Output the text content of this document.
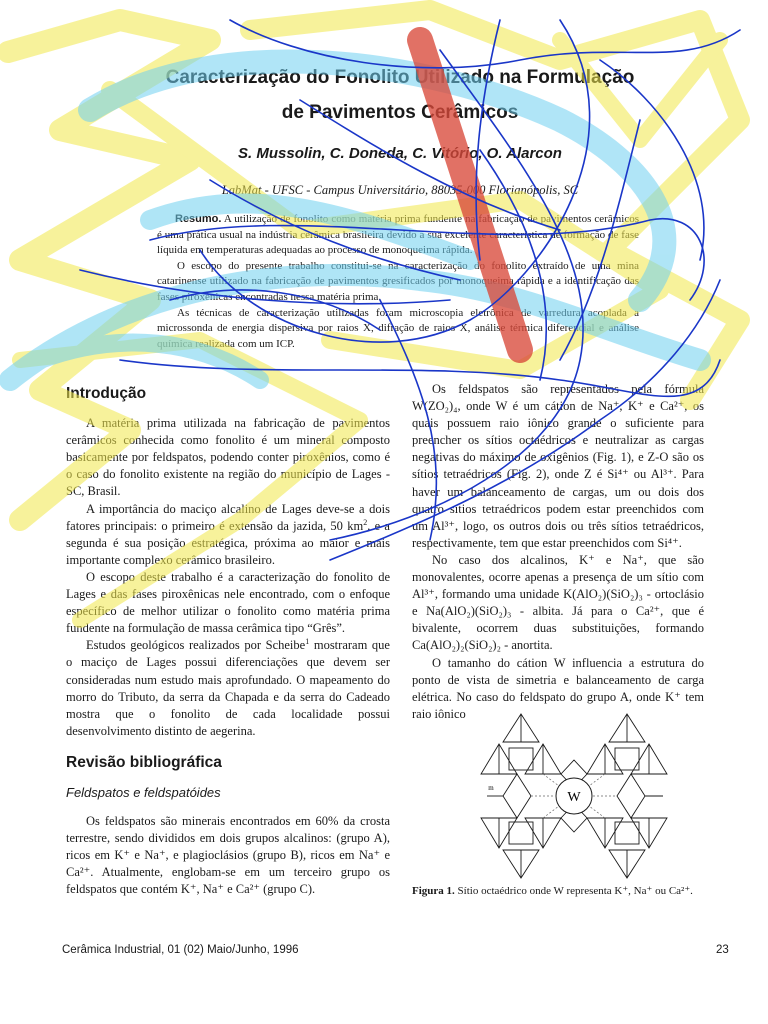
Caracterização do Fonolito Utilizado na Formulação
de Pavimentos Cerâmicos
S. Mussolin, C. Doneda, C. Vitório, O. Alarcon
LabMat - UFSC - Campus Universitário, 88035-000 Florianópolis, SC

Resumo. A utilização de fonolito como matéria prima fundente na fabricação de pavimentos cerâmicos é uma prática usual na indústria cerâmica brasileira devido a sua excelente característica de formação de fase líquida em temperaturas adequadas ao processo de monoqueima rápida.

O escopo do presente trabalho constitui-se na caracterização do fonolito extraído de uma mina catarinense utilizado na fabricação de pavimentos gresificados por monoqueima rápida e a identificação das fases piroxênicas encontradas nessa matéria prima.

As técnicas de caracterização utilizadas foram microscopia eletrônica de varredura acoplada a microssonda de energia dispersiva por raios X, difração de raios X, análise térmica diferencial e análise química realizada com um ICP.

Introdução

A matéria prima utilizada na fabricação de pavimentos cerâmicos conhecida como fonolito é um mineral composto basicamente por feldspatos, podendo conter piroxênios, como é o caso do fonolito existente na região do município de Lages - SC, Brasil.

A importância do maciço alcalino de Lages deve-se a dois fatores principais: o primeiro é extensão da jazida, 50 $km^2$, e a segunda é sua posição estratégica, próxima ao maior e mais importante complexo cerâmico brasileiro.

O escopo deste trabalho é a caracterização do fonolito de Lages e das fases piroxênicas nele encontrado, com o enfoque específico de melhor utilizar o fonolito como matéria prima fundente na formulação de massa cerâmica tipo “Grês”.

Estudos geológicos realizados por Scheibe$^1$ mostraram que o maciço de Lages possui diferenciações que devem ser consideradas num estudo mais aprofundado. O mapeamento do morro do Tributo, da serra da Chapada e da serra do Cadeado mostra que o fonolito de cada localidade possui desenvolvimento distinto de aegerina.

Revisão bibliográfica
Feldspatos e feldspatóides

Os feldspatos são minerais encontrados em 60% da crosta terrestre, sendo divididos em dois grupos alcalinos: (grupo A), ricos em K⁺ e Na⁺, e plagioclásios (grupo B), ricos em Na⁺ e Ca²⁺. Atualmente, englobam-se em um terceiro grupo os feldspatos que contém K⁺, Na⁺ e Ca²⁺ (grupo C).

Os feldspatos são representados pela fórmula W(ZO₂)₄, onde W é um cátion de Na⁺, K⁺ e Ca²⁺, os quais possuem raio iônico grande o suficiente para preencher os sítios octaédricos e neutralizar as cargas negativas do máximo de oxigênios (Fig. 1), e Z-O são os sítios tetraédricos (Fig. 2), onde Z é Si⁴⁺ ou Al³⁺. Para haver um balanceamento de cargas, um ou dois dos quatro sítios tetraédricos podem estar preenchidos com um Al³⁺, logo, os outros dois ou três sítios tetraédricos, respectivamente, tem que estar preenchidos com Si⁴⁺.

No caso dos alcalinos, K⁺ e Na⁺, que são monovalentes, ocorre apenas a presença de um sítio com Al³⁺, formando uma unidade K(AlO₂)(SiO₂)₃ - ortoclásio e Na(AlO₂)(SiO₂)₃ - albita. Já para o Ca²⁺, que é bivalente, ocorrem duas substituições, formando Ca(AlO₂)₂(SiO₂)₂ - anortita.

O tamanho do cátion W influencia a estrutura do ponto de vista de simetria e balanceamento de carga elétrica. No caso do feldspato do grupo A, onde K⁺ tem raio iônico

W
m
Figura 1. Sítio octaédrico onde W representa K⁺, Na⁺ ou Ca²⁺.
Cerâmica Industrial, 01 (02) Maio/Junho, 1996	23
